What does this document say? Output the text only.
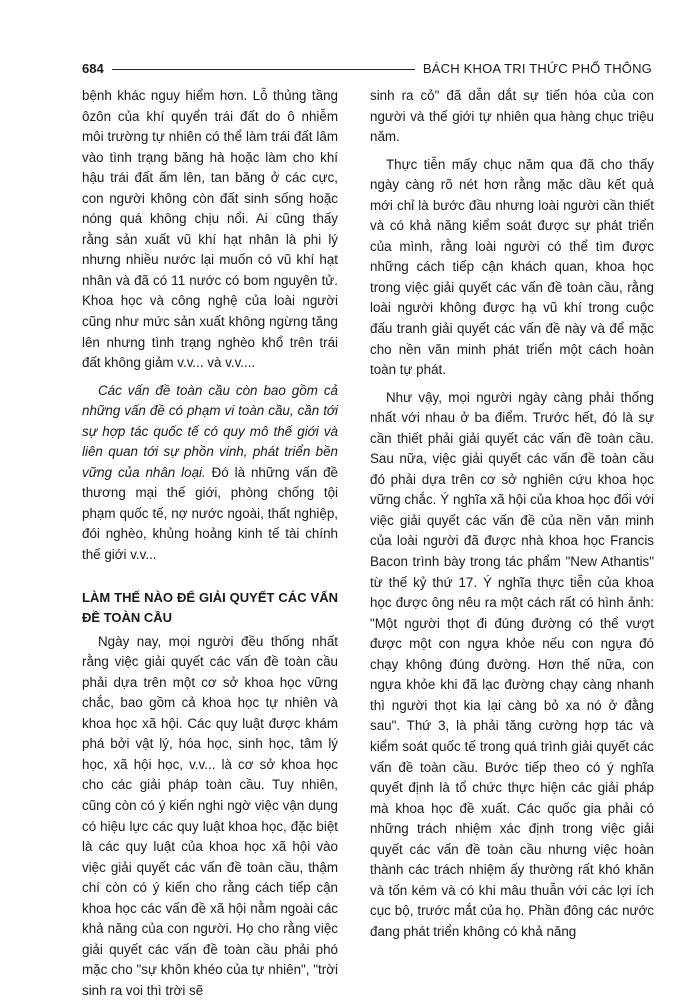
684	BÁCH KHOA TRI THỨC PHỔ THÔNG

bệnh khác nguy hiểm hơn. Lỗ thủng tầng ôzôn của khí quyển trái đất do ô nhiễm môi trường tự nhiên có thể làm trái đất lâm vào tình trạng băng hà hoặc làm cho khí hậu trái đất ấm lên, tan băng ở các cực, con người không còn đất sinh sống hoặc nóng quá không chịu nổi. Ai cũng thấy rằng sản xuất vũ khí hạt nhân là phi lý nhưng nhiều nước lại muốn có vũ khí hạt nhân và đã có 11 nước có bom nguyên tử. Khoa học và công nghệ của loài người cũng như mức sản xuất không ngừng tăng lên nhưng tình trạng nghèo khổ trên trái đất không giảm v.v... và v.v....

Các vấn đề toàn cầu còn bao gồm cả những vấn đề có phạm vi toàn cầu, cần tới sự hợp tác quốc tế có quy mô thế giới và liên quan tới sự phồn vinh, phát triển bền vững của nhân loại. Đó là những vấn đề thương mại thế giới, phòng chống tội phạm quốc tế, nợ nước ngoài, thất nghiệp, đói nghèo, khủng hoảng kinh tế tài chính thế giới v.v...

LÀM THẾ NÀO ĐỂ GIẢI QUYẾT CÁC VẤN ĐỀ TOÀN CẦU

Ngày nay, mọi người đều thống nhất rằng việc giải quyết các vấn đề toàn cầu phải dựa trên một cơ sở khoa học vững chắc, bao gồm cả khoa học tự nhiên và khoa học xã hội. Các quy luật được khám phá bởi vật lý, hóa học, sinh học, tâm lý học, xã hội học, v.v... là cơ sở khoa học cho các giải pháp toàn cầu. Tuy nhiên, cũng còn có ý kiến nghi ngờ việc vận dụng có hiệu lực các quy luật khoa học, đặc biệt là các quy luật của khoa học xã hội vào việc giải quyết các vấn đề toàn cầu, thậm chí còn có ý kiến cho rằng cách tiếp cận khoa học các vấn đề xã hội nằm ngoài các khả năng của con người. Họ cho rằng việc giải quyết các vấn đề toàn cầu phải phó mặc cho "sự khôn khéo của tự nhiên", "trời sinh ra voi thì trời sẽ

sinh ra cỏ" đã dẫn dắt sự tiến hóa của con người và thế giới tự nhiên qua hàng chục triệu năm.

Thực tiễn mấy chục năm qua đã cho thấy ngày càng rõ nét hơn rằng mặc dầu kết quả mới chỉ là bước đầu nhưng loài người cần thiết và có khả năng kiểm soát được sự phát triển của mình, rằng loài người có thể tìm được những cách tiếp cận khách quan, khoa học trong việc giải quyết các vấn đề toàn cầu, rằng loài người không được hạ vũ khí trong cuộc đấu tranh giải quyết các vấn đề này và để mặc cho nền văn minh phát triển một cách hoàn toàn tự phát.

Như vậy, mọi người ngày càng phải thống nhất với nhau ở ba điểm. Trước hết, đó là sự cần thiết phải giải quyết các vấn đề toàn cầu. Sau nữa, việc giải quyết các vấn đề toàn cầu đó phải dựa trên cơ sở nghiên cứu khoa học vững chắc. Ý nghĩa xã hội của khoa học đối với việc giải quyết các vấn đề của nền văn minh của loài người đã được nhà khoa học Francis Bacon trình bày trong tác phẩm "New Athantis" từ thế kỷ thứ 17. Ý nghĩa thực tiễn của khoa học được ông nêu ra một cách rất có hình ảnh: "Một người thọt đi đúng đường có thể vượt được một con ngựa khỏe nếu con ngựa đó chạy không đúng đường. Hơn thế nữa, con ngựa khỏe khi đã lạc đường chạy càng nhanh thì người thọt kia lại càng bỏ xa nó ở đằng sau". Thứ 3, là phải tăng cường hợp tác và kiểm soát quốc tế trong quá trình giải quyết các vấn đề toàn cầu. Bước tiếp theo có ý nghĩa quyết định là tổ chức thực hiện các giải pháp mà khoa học đề xuất. Các quốc gia phải có những trách nhiệm xác định trong việc giải quyết các vấn đề toàn cầu nhưng việc hoàn thành các trách nhiệm ấy thường rất khó khăn và tốn kém và có khi mâu thuẫn với các lợi ích cục bộ, trước mắt của họ. Phần đông các nước đang phát triển không có khả năng
